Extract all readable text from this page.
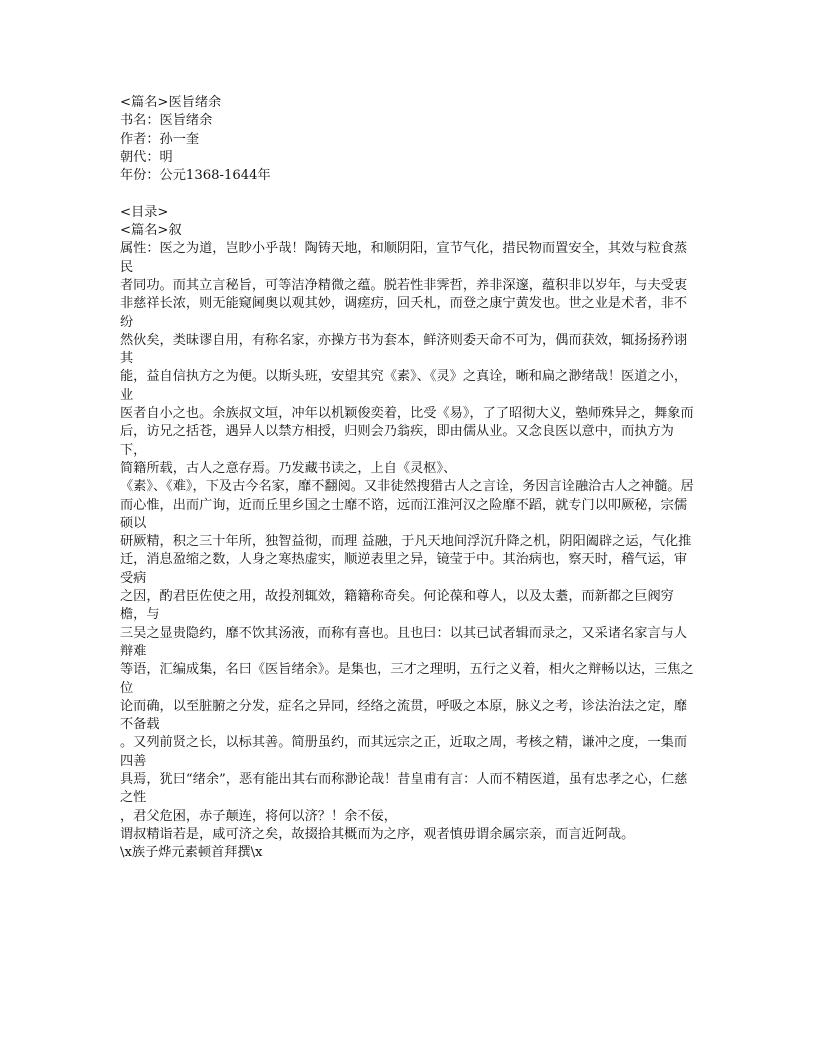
<篇名>医旨绪余
书名：医旨绪余
作者：孙一奎
朝代：明
年份：公元1368-1644年
<目录>
<篇名>叙
属性：医之为道，岂眇小乎哉！陶铸天地，和顺阴阳，宣节气化，措民物而置安全，其效与粒食蒸民
者同功。而其立言秘旨，可等洁净精微之蕴。脱若性非霁哲，养非深邃，蕴积非以岁年，与夫受衷
非慈祥长浓，则无能窥阃奥以观其妙，调瘥疠，回夭札，而登之康宁黄发也。世之业是术者，非不纷
然伙矣，类昧谬自用，有称名家，亦操方书为套本，鲜济则委天命不可为，偶而获效，辄扬扬矜诩其
能，益自信执方之为便。以斯头班，安望其究《素》、《灵》之真诠，晰和扁之渺绪哉！医道之小，业
医者自小之也。余族叔文垣，冲年以机颖俊奕着，比受《易》，了了昭彻大义，塾师殊异之，舞象而
后，访兄之括苍，遇异人以禁方相授，归则会乃翁疾，即由儒从业。又念良医以意中，而执方为下，
简籍所载，古人之意存焉。乃发藏书读之，上自《灵枢》、
《素》、《难》，下及古今名家，靡不翻阅。又非徒然搜猎古人之言诠，务因言诠融洽古人之神髓。居
而心惟，出而广询，近而丘里乡国之士靡不谘，远而江淮河汉之险靡不蹈，就专门以叩厥秘，宗儒硕以
研厥精，积之三十年所，独智益彻，而理 益融，于凡天地间浮沉升降之机，阴阳阖辟之运，气化推
迁，消息盈缩之数，人身之寒热虚实，顺逆表里之异，镜莹于中。其治病也，察天时，稽气运，审受病
之因，酌君臣佐使之用，故投剂辄效，籍籍称奇矣。何论葆和尊人，以及太耋，而新都之巨阀穷檐，与
三吴之显贵隐约，靡不饮其汤液，而称有喜也。且也曰：以其已试者辑而录之，又采诸名家言与人辩难
等语，汇编成集，名曰《医旨绪余》。是集也，三才之理明，五行之义着，相火之辩畅以达，三焦之位
论而确，以至脏腑之分发，症名之异同，经络之流贯，呼吸之本原，脉义之考，诊法治法之定，靡不备载
。又列前贤之长，以标其善。简册虽约，而其远宗之正，近取之周，考核之精，谦冲之度，一集而四善
具焉，犹曰“绪余”，恶有能出其右而称渺论哉！昔皇甫有言：人而不精医道，虽有忠孝之心，仁慈之性
，君父危困，赤子颠连，将何以济？！余不佞，
谓叔精诣若是，咸可济之矣，故掇拾其概而为之序，观者慎毋谓余属宗亲，而言近阿哉。
\x族子烨元素顿首拜撰\x
